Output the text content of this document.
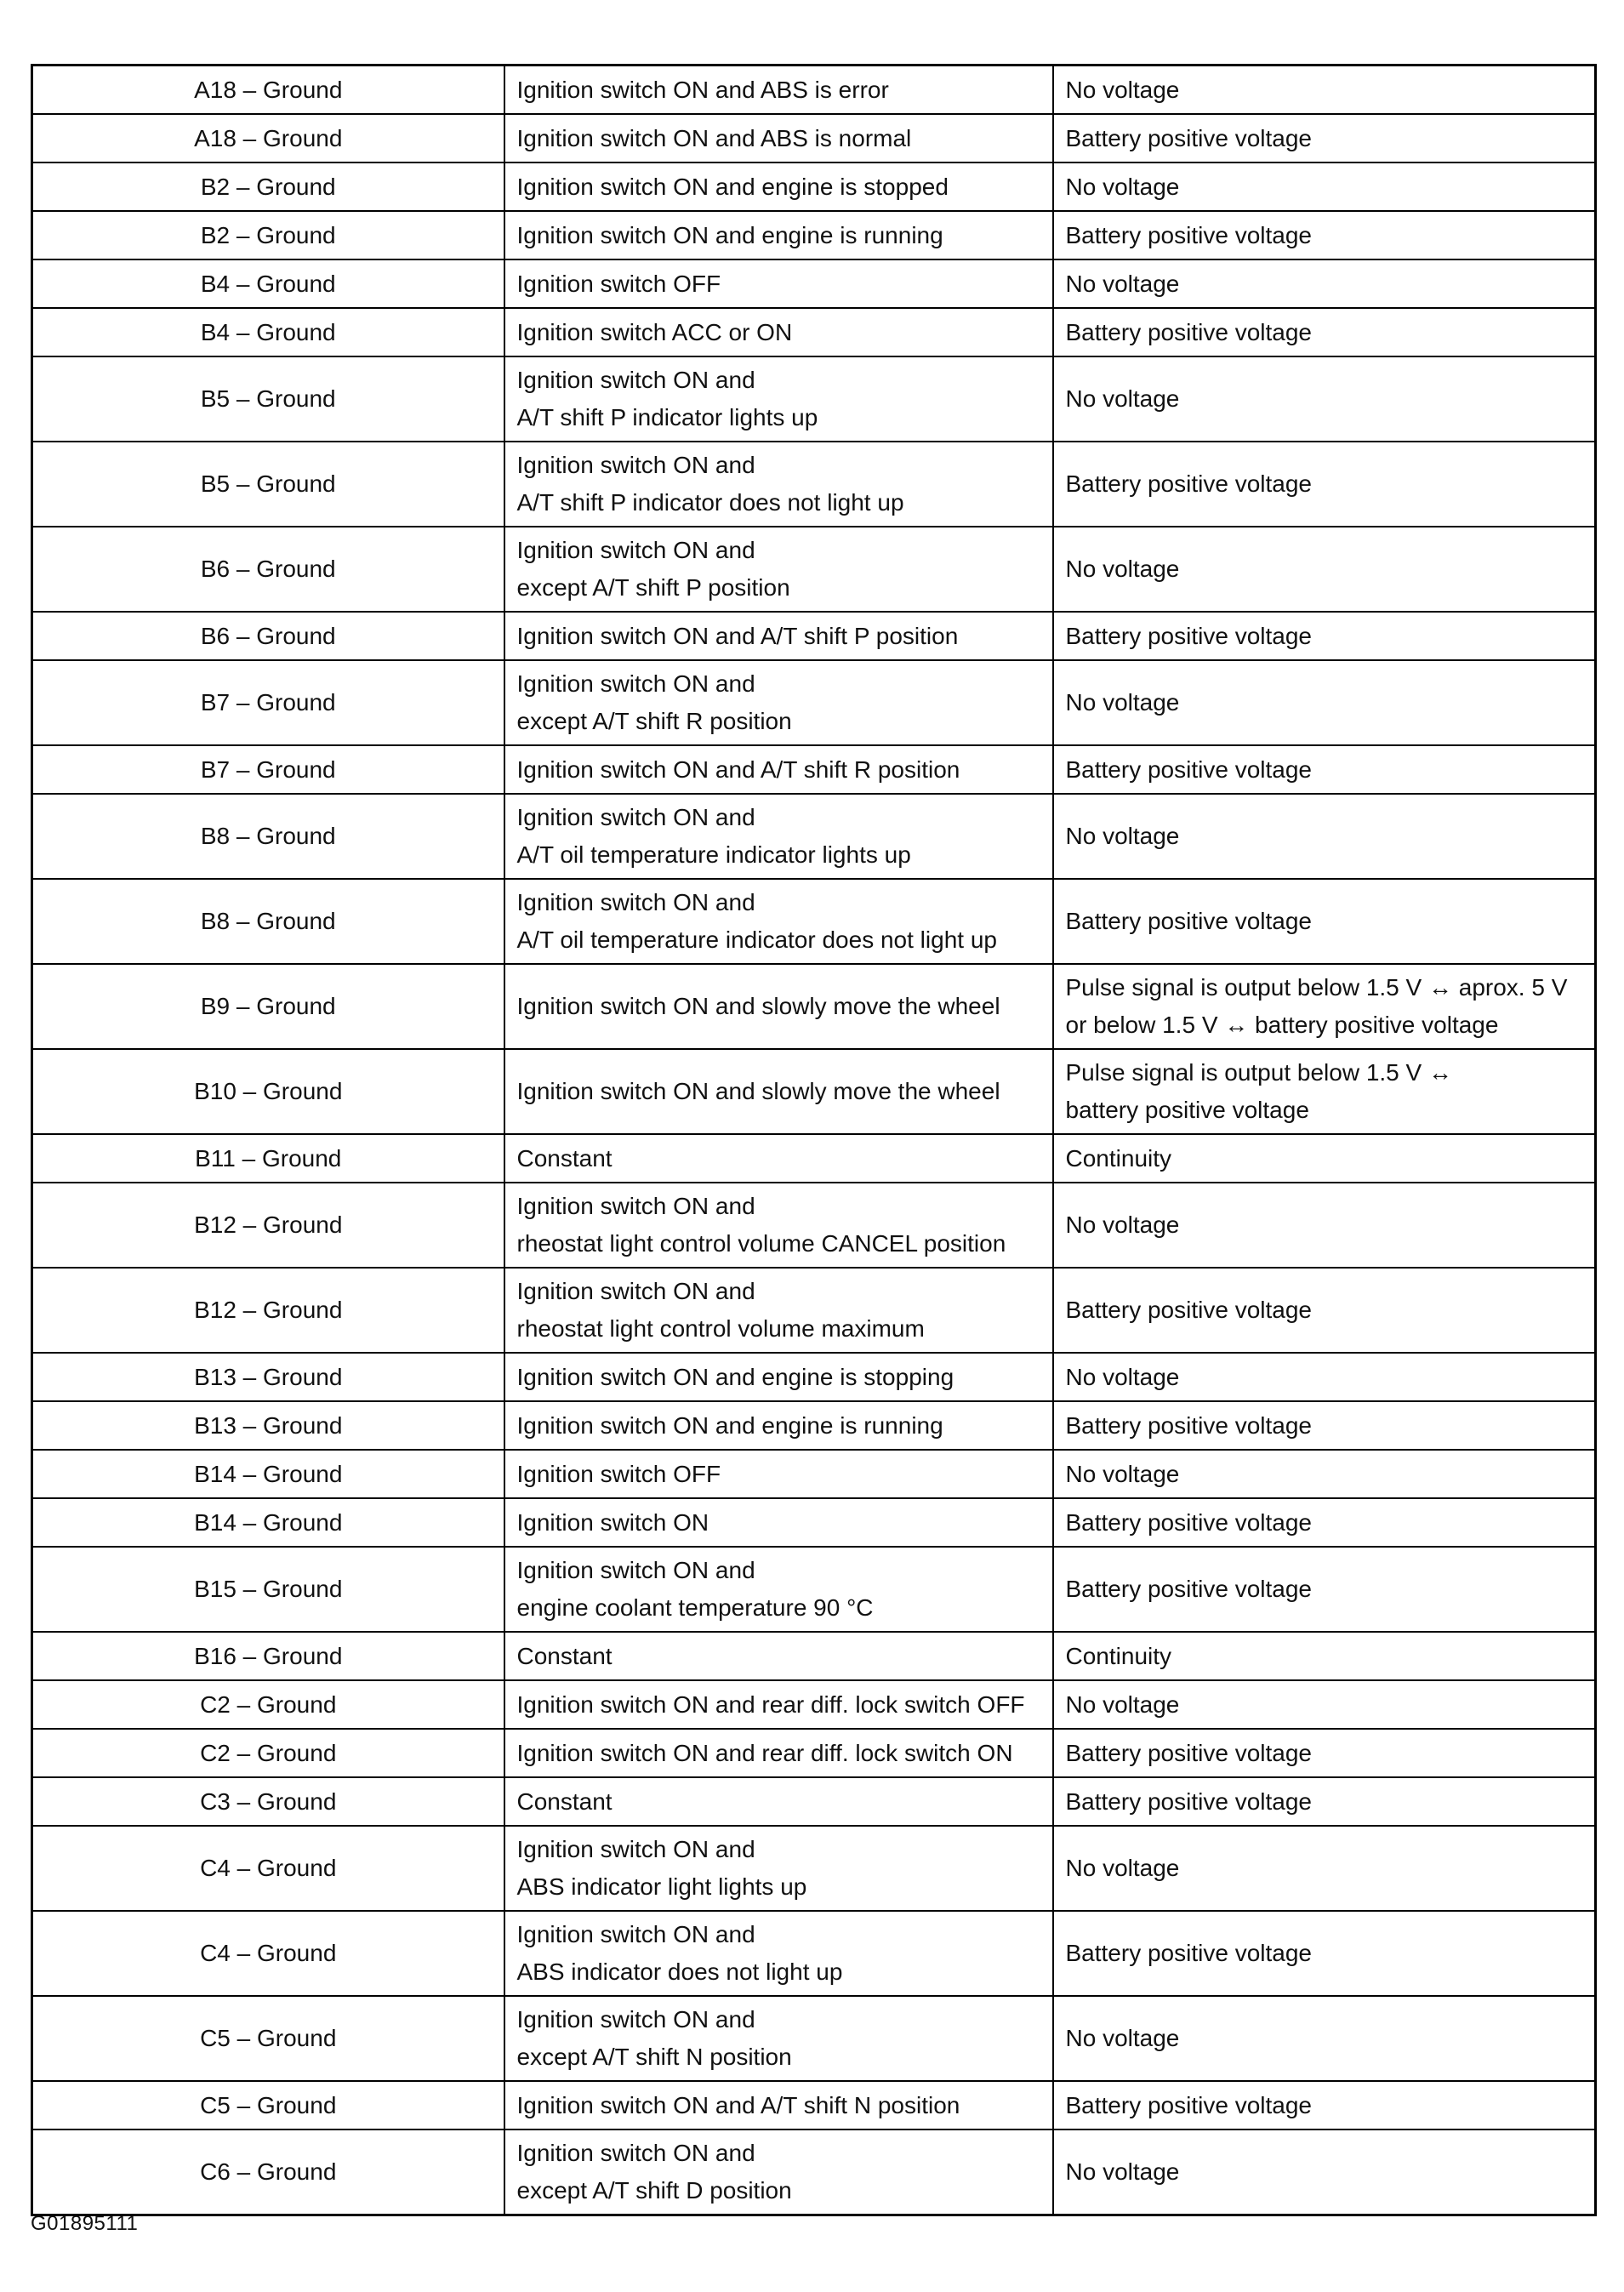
A18 – Ground	Ignition switch ON and ABS is error	No voltage

A18 – Ground	Ignition switch ON and ABS is normal	Battery positive voltage

B2 – Ground	Ignition switch ON and engine is stopped	No voltage

B2 – Ground	Ignition switch ON and engine is running	Battery positive voltage

B4 – Ground	Ignition switch OFF	No voltage

B4 – Ground	Ignition switch ACC or ON	Battery positive voltage

B5 – Ground	Ignition switch ON and
A/T shift P indicator lights up	No voltage

B5 – Ground	Ignition switch ON and
A/T shift P indicator does not light up	Battery positive voltage

B6 – Ground	Ignition switch ON and
except A/T shift P position	No voltage

B6 – Ground	Ignition switch ON and A/T shift P position	Battery positive voltage

B7 – Ground	Ignition switch ON and
except A/T shift R position	No voltage

B7 – Ground	Ignition switch ON and A/T shift R position	Battery positive voltage

B8 – Ground	Ignition switch ON and
A/T oil temperature indicator lights up	No voltage

B8 – Ground	Ignition switch ON and
A/T oil temperature indicator does not light up	Battery positive voltage

B9 – Ground	Ignition switch ON and slowly move the wheel	Pulse signal is output below 1.5 V ↔ aprox. 5 V
or below 1.5 V ↔ battery positive voltage

B10 – Ground	Ignition switch ON and slowly move the wheel	Pulse signal is output below 1.5 V ↔
battery positive voltage

B11 – Ground	Constant	Continuity

B12 – Ground	Ignition switch ON and
rheostat light control volume CANCEL position	No voltage

B12 – Ground	Ignition switch ON and
rheostat light control volume maximum	Battery positive voltage

B13 – Ground	Ignition switch ON and engine is stopping	No voltage

B13 – Ground	Ignition switch ON and engine is running	Battery positive voltage

B14 – Ground	Ignition switch OFF	No voltage

B14 – Ground	Ignition switch ON	Battery positive voltage

B15 – Ground	Ignition switch ON and
engine coolant temperature 90 °C	Battery positive voltage

B16 – Ground	Constant	Continuity

C2 – Ground	Ignition switch ON and rear diff. lock switch OFF	No voltage

C2 – Ground	Ignition switch ON and rear diff. lock switch ON	Battery positive voltage

C3 – Ground	Constant	Battery positive voltage

C4 – Ground	Ignition switch ON and
ABS indicator light lights up	No voltage

C4 – Ground	Ignition switch ON and
ABS indicator does not light up	Battery positive voltage

C5 – Ground	Ignition switch ON and
except A/T shift N position	No voltage

C5 – Ground	Ignition switch ON and A/T shift N position	Battery positive voltage

C6 – Ground	Ignition switch ON and
except A/T shift D position	No voltage
G01895111
